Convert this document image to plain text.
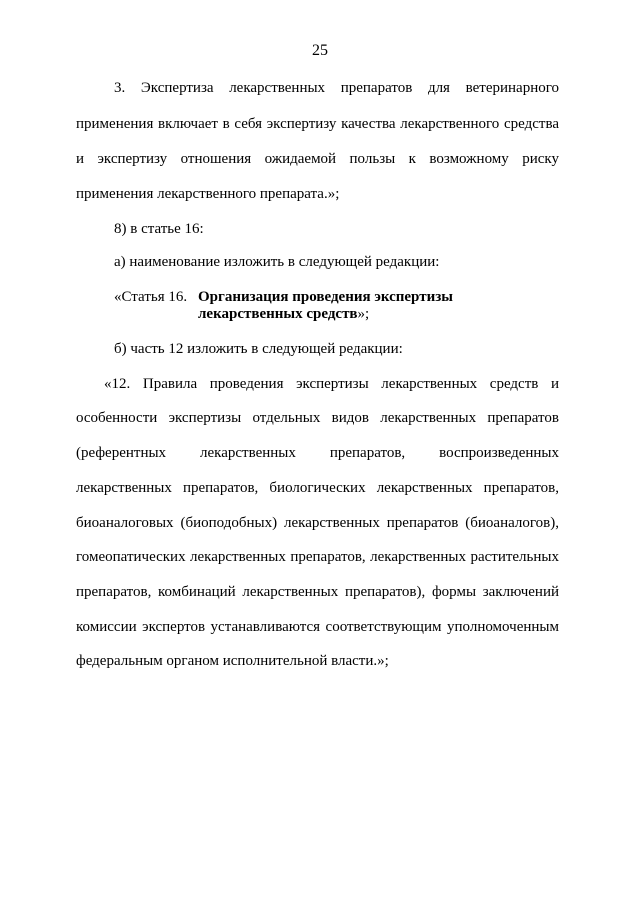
25
3. Экспертиза лекарственных препаратов для ветеринарного
применения включает в себя экспертизу качества лекарственного средства
и экспертизу отношения ожидаемой пользы к возможному риску
применения лекарственного препарата.»;
8) в статье 16:
а) наименование изложить в следующей редакции:
«Статья 16. Организация проведения экспертизы
лекарственных средств»;
б) часть 12 изложить в следующей редакции:
«12. Правила проведения экспертизы лекарственных средств и
особенности экспертизы отдельных видов лекарственных препаратов
(референтных лекарственных препаратов, воспроизведенных
лекарственных препаратов, биологических лекарственных препаратов,
биоаналоговых (биоподобных) лекарственных препаратов (биоаналогов),
гомеопатических лекарственных препаратов, лекарственных растительных
препаратов, комбинаций лекарственных препаратов), формы заключений
комиссии экспертов устанавливаются соответствующим уполномоченным
федеральным органом исполнительной власти.»;
